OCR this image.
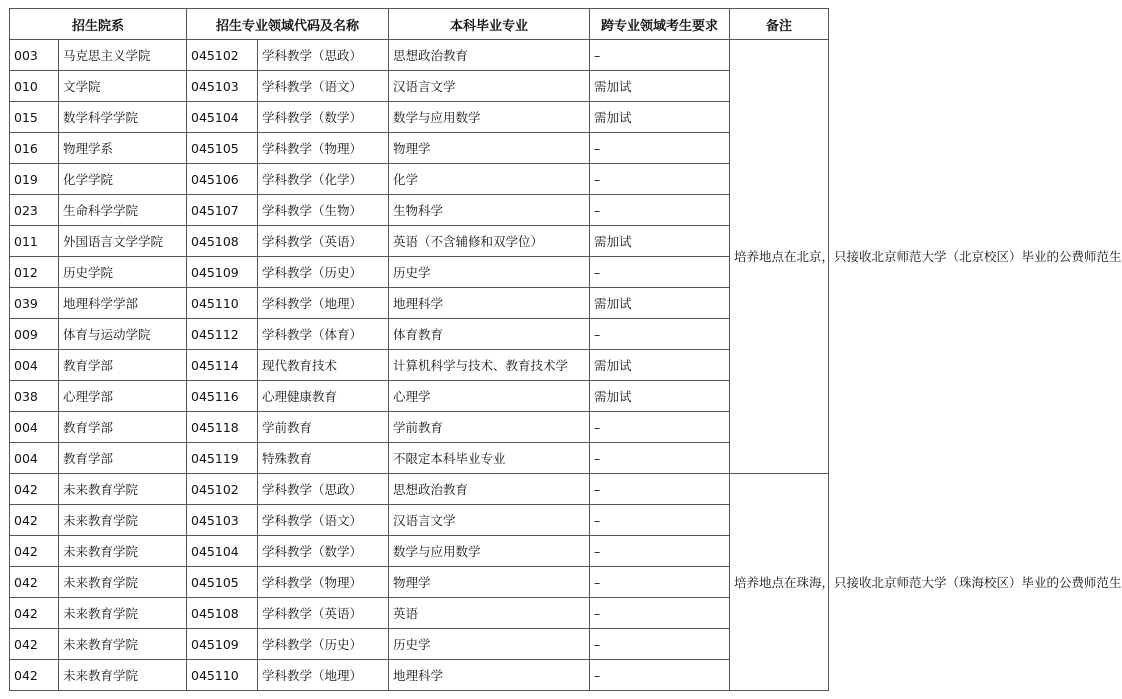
招生院系		招生专业领域代码及名称		本科毕业专业	跨专业领域考生要求	备注
003	马克思主义学院	045102	学科教学（思政）	思想政治教育	–	培养地点在北京，只接收北京师范大学（北京校区）毕业的公费师范生
010	文学院	045103	学科教学（语文）	汉语言文学	需加试	
015	数学科学学院	045104	学科教学（数学）	数学与应用数学	需加试	
016	物理学系	045105	学科教学（物理）	物理学	–	
019	化学学院	045106	学科教学（化学）	化学	–	
023	生命科学学院	045107	学科教学（生物）	生物科学	–	
011	外国语言文学学院	045108	学科教学（英语）	英语（不含辅修和双学位）	需加试	
012	历史学院	045109	学科教学（历史）	历史学	–	
039	地理科学学部	045110	学科教学（地理）	地理科学	需加试	
009	体育与运动学院	045112	学科教学（体育）	体育教育	–	
004	教育学部	045114	现代教育技术	计算机科学与技术、教育技术学	需加试	
038	心理学部	045116	心理健康教育	心理学	需加试	
004	教育学部	045118	学前教育	学前教育	–	
004	教育学部	045119	特殊教育	不限定本科毕业专业	–	
042	未来教育学院	045102	学科教学（思政）	思想政治教育	–	培养地点在珠海，只接收北京师范大学（珠海校区）毕业的公费师范生
042	未来教育学院	045103	学科教学（语文）	汉语言文学	–	
042	未来教育学院	045104	学科教学（数学）	数学与应用数学	–	
042	未来教育学院	045105	学科教学（物理）	物理学	–	
042	未来教育学院	045108	学科教学（英语）	英语	–	
042	未来教育学院	045109	学科教学（历史）	历史学	–	
042	未来教育学院	045110	学科教学（地理）	地理科学	–	
